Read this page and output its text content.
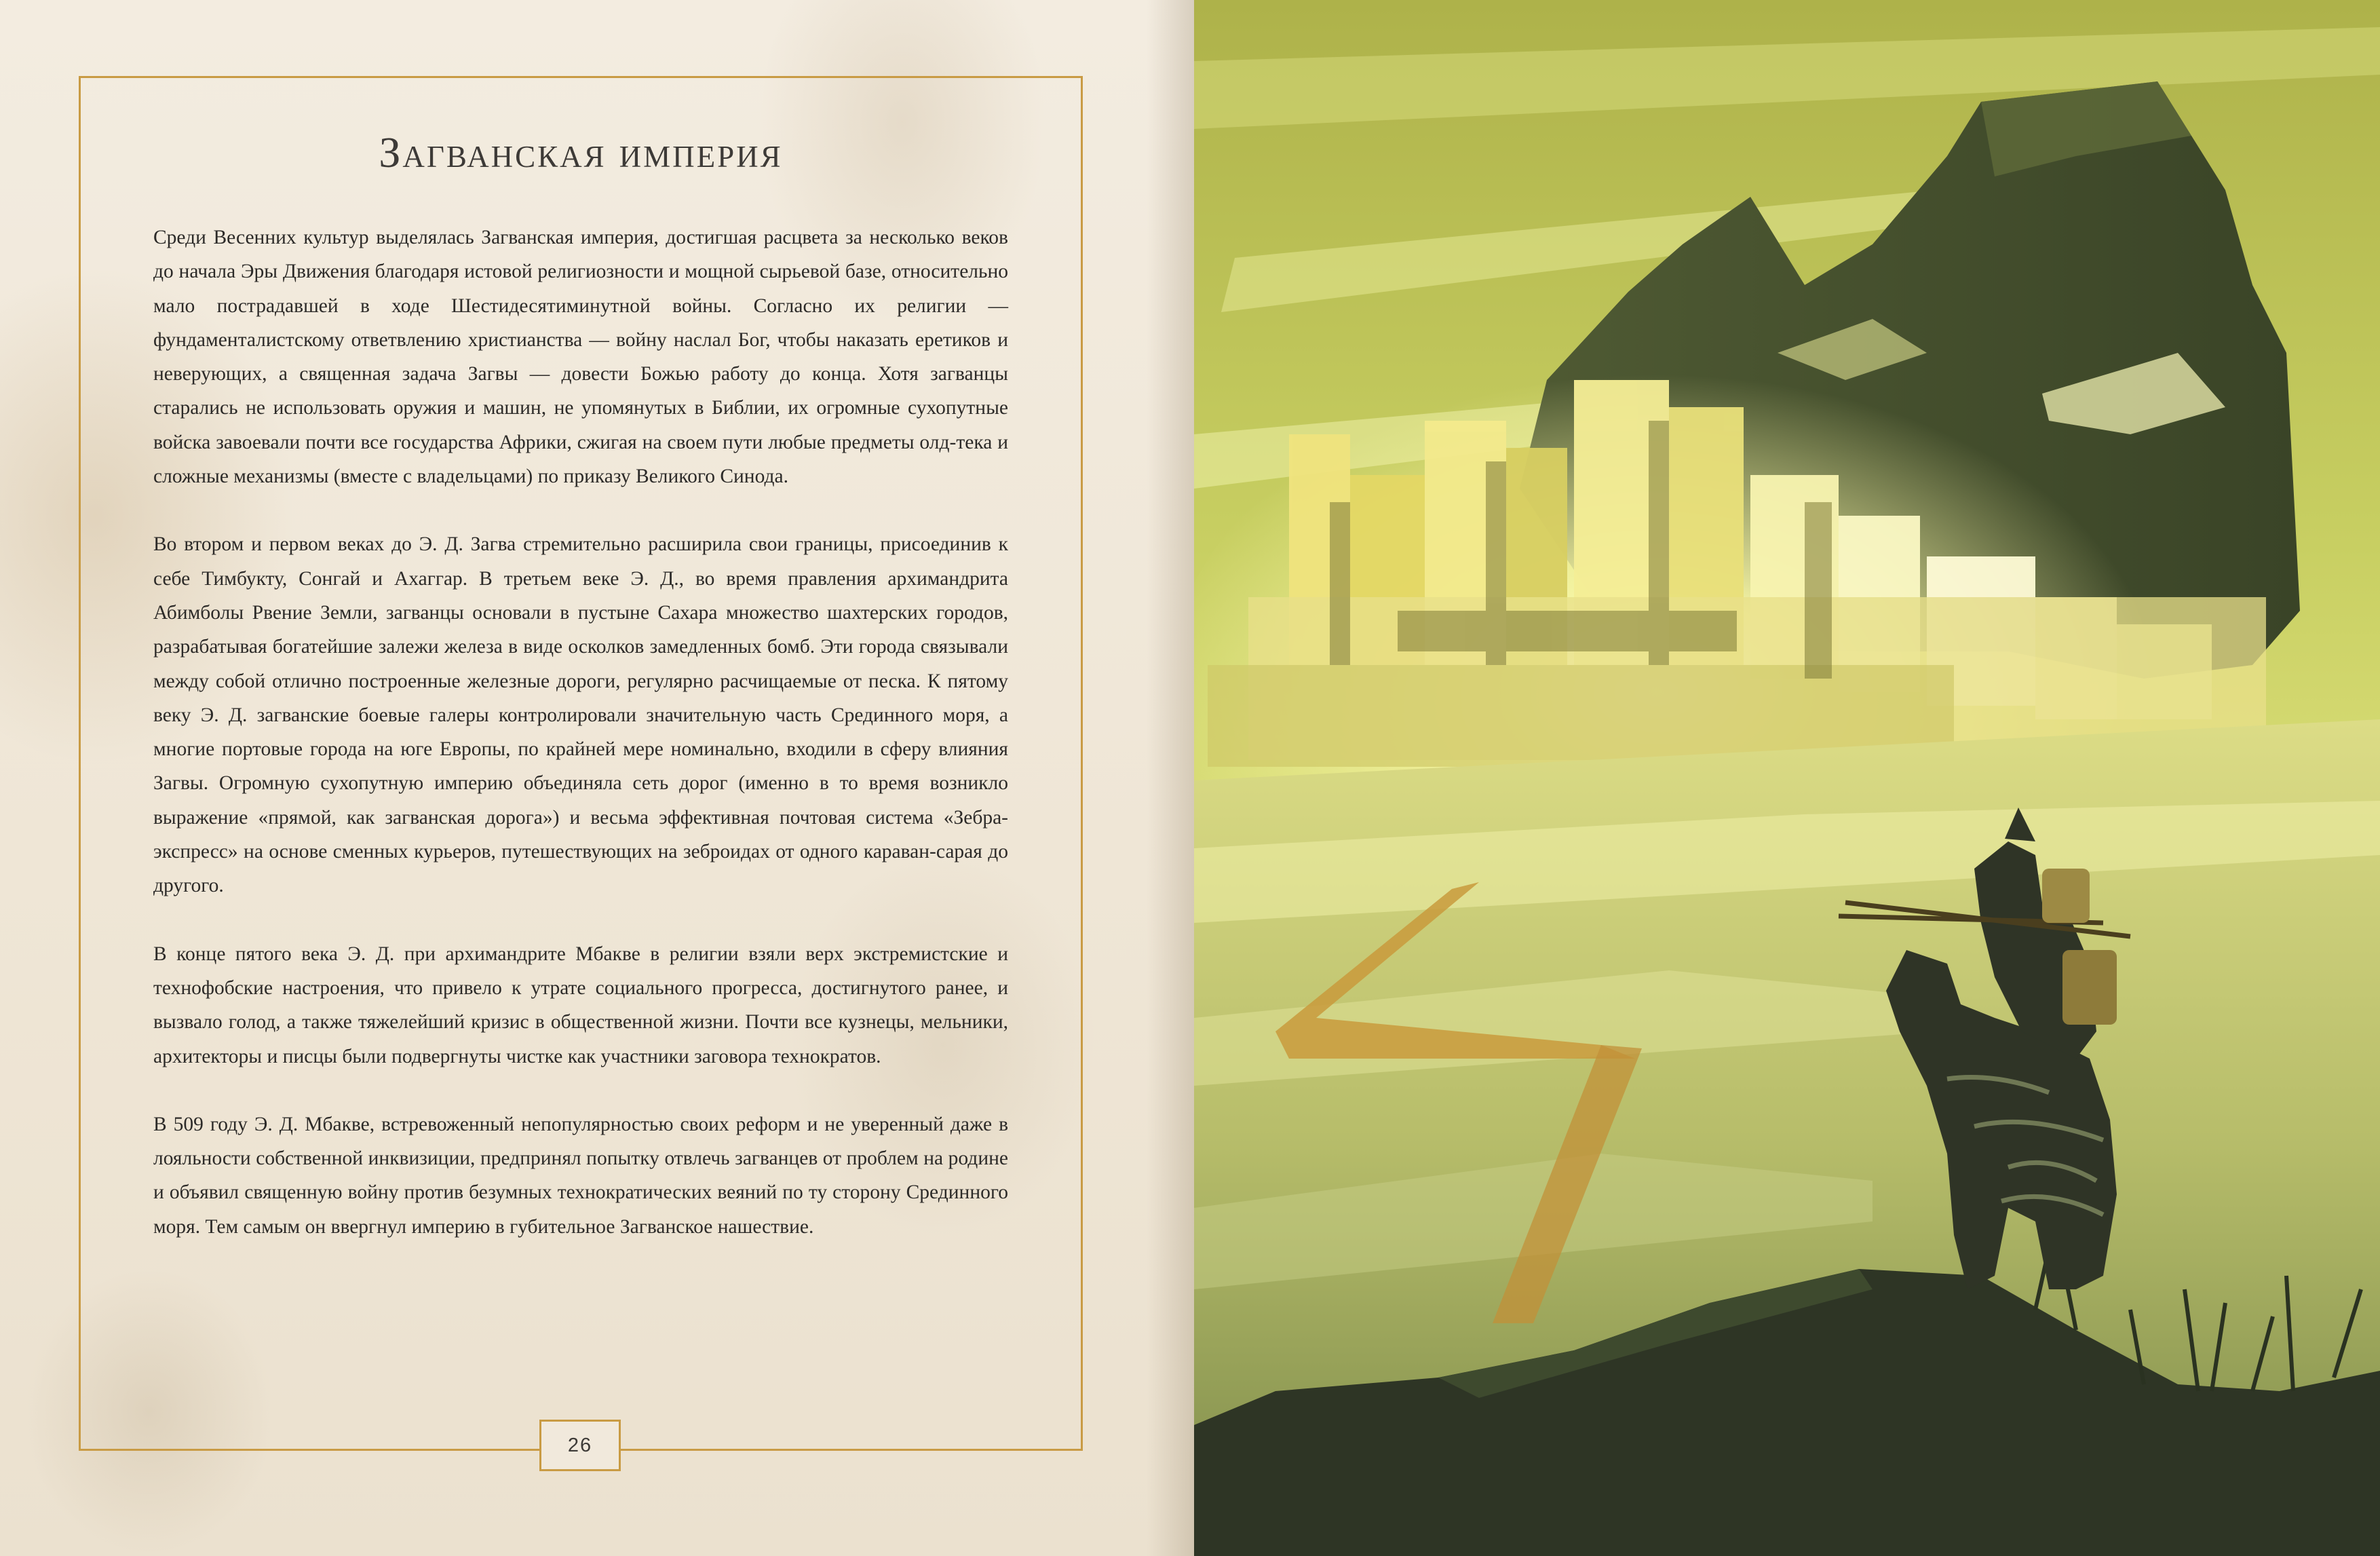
Загванская империя

Среди Весенних культур выделялась Загванская империя, достигшая расцвета за несколько веков до начала Эры Движения благодаря истовой религиозности и мощной сырьевой базе, относительно мало пострадавшей в ходе Шестидесятиминутной войны. Согласно их религии — фундаменталистскому ответвлению христианства — войну наслал Бог, чтобы наказать еретиков и неверующих, а священная задача Загвы — довести Божью работу до конца. Хотя загванцы старались не использовать оружия и машин, не упомянутых в Библии, их огромные сухопутные войска завоевали почти все государства Африки, сжигая на своем пути любые предметы олд-тека и сложные механизмы (вместе с владельцами) по приказу Великого Синода.

Во втором и первом веках до Э. Д. Загва стремительно расширила свои границы, присоединив к себе Тимбукту, Сонгай и Ахаггар. В третьем веке Э. Д., во время правления архимандрита Абимболы Рвение Земли, загванцы основали в пустыне Сахара множество шахтерских городов, разрабатывая богатейшие залежи железа в виде осколков замедленных бомб. Эти города связывали между собой отлично построенные железные дороги, регулярно расчищаемые от песка. К пятому веку Э. Д. загванские боевые галеры контролировали значительную часть Срединного моря, а многие портовые города на юге Европы, по крайней мере номинально, входили в сферу влияния Загвы. Огромную сухопутную империю объединяла сеть дорог (именно в то время возникло выражение «прямой, как загванская дорога») и весьма эффективная почтовая система «Зебра-экспресс» на основе сменных курьеров, путешествующих на зеброидах от одного караван-сарая до другого.

В конце пятого века Э. Д. при архимандрите Мбакве в религии взяли верх экстремистские и технофобские настроения, что привело к утрате социального прогресса, достигнутого ранее, и вызвало голод, а также тяжелейший кризис в общественной жизни. Почти все кузнецы, мельники, архитекторы и писцы были подвергнуты чистке как участники заговора технократов.

В 509 году Э. Д. Мбакве, встревоженный непопулярностью своих реформ и не уверенный даже в лояльности собственной инквизиции, предпринял попытку отвлечь загванцев от проблем на родине и объявил священную войну против безумных технократических веяний по ту сторону Срединного моря. Тем самым он ввергнул империю в губительное Загванское нашествие.

26
